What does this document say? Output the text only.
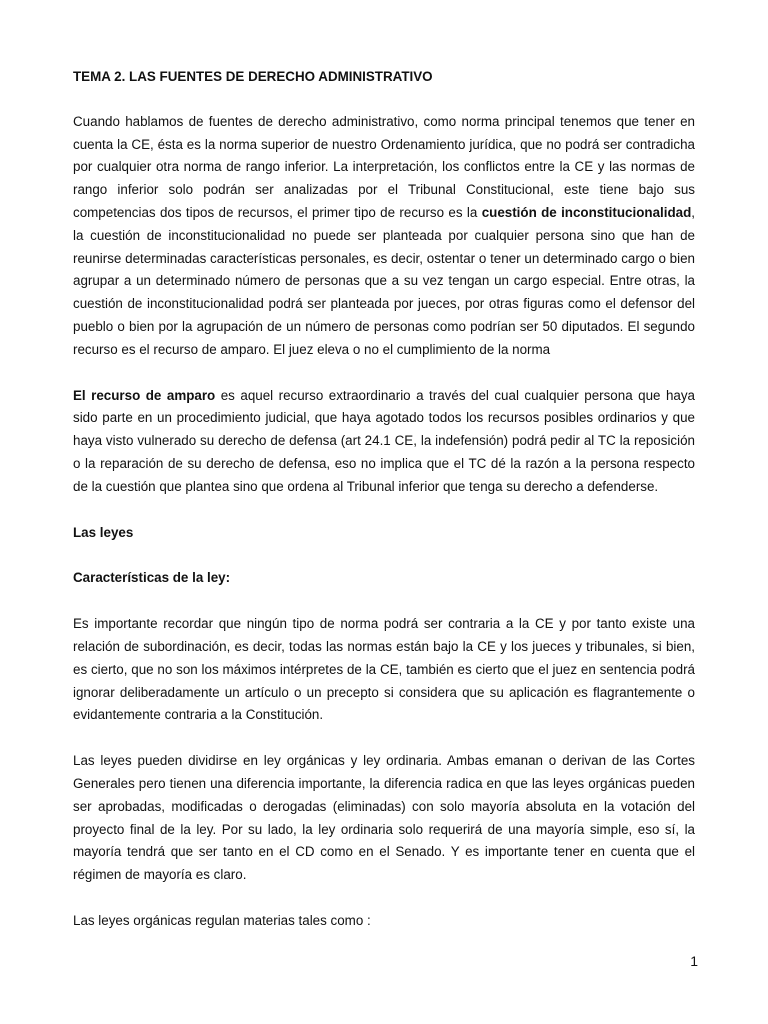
TEMA 2. LAS FUENTES DE DERECHO ADMINISTRATIVO

Cuando hablamos de fuentes de derecho administrativo, como norma principal tenemos que tener en cuenta la CE, ésta es la norma superior de nuestro Ordenamiento jurídica, que no podrá ser contradicha por cualquier otra norma de rango inferior. La interpretación, los conflictos entre la CE y las normas de rango inferior solo podrán ser analizadas por el Tribunal Constitucional, este tiene bajo sus competencias dos tipos de recursos, el primer tipo de recurso es la cuestión de inconstitucionalidad, la cuestión de inconstitucionalidad no puede ser planteada por cualquier persona sino que han de reunirse determinadas características personales, es decir, ostentar o tener un determinado cargo o bien agrupar a un determinado número de personas que a su vez tengan un cargo especial. Entre otras, la cuestión de inconstitucionalidad podrá ser planteada por jueces, por otras figuras como el defensor del pueblo o bien por la agrupación de un número de personas como podrían ser 50 diputados. El segundo recurso es el recurso de amparo. El juez eleva o no el cumplimiento de la norma

El recurso de amparo es aquel recurso extraordinario a través del cual cualquier persona que haya sido parte en un procedimiento judicial, que haya agotado todos los recursos posibles ordinarios y que haya visto vulnerado su derecho de defensa (art 24.1 CE, la indefensión) podrá pedir al TC la reposición o la reparación de su derecho de defensa, eso no implica que el TC dé la razón a la persona respecto de la cuestión que plantea sino que ordena al Tribunal inferior que tenga su derecho a defenderse.

Las leyes

Características de la ley:

Es importante recordar que ningún tipo de norma podrá ser contraria a la CE y por tanto existe una relación de subordinación, es decir, todas las normas están bajo la CE y los jueces y tribunales, si bien, es cierto, que no son los máximos intérpretes de la CE, también es cierto que el juez en sentencia podrá ignorar deliberadamente un artículo o un precepto si considera que su aplicación es flagrantemente o evidantemente contraria a la Constitución.

Las leyes pueden dividirse en ley orgánicas y ley ordinaria. Ambas emanan o derivan de las Cortes Generales pero tienen una diferencia importante, la diferencia radica en que las leyes orgánicas pueden ser aprobadas, modificadas o derogadas (eliminadas) con solo mayoría absoluta en la votación del proyecto final de la ley. Por su lado, la ley ordinaria solo requerirá de una mayoría simple, eso sí, la mayoría tendrá que ser tanto en el CD como en el Senado. Y es importante tener en cuenta que el régimen de mayoría es claro.

Las leyes orgánicas regulan materias tales como :

1
